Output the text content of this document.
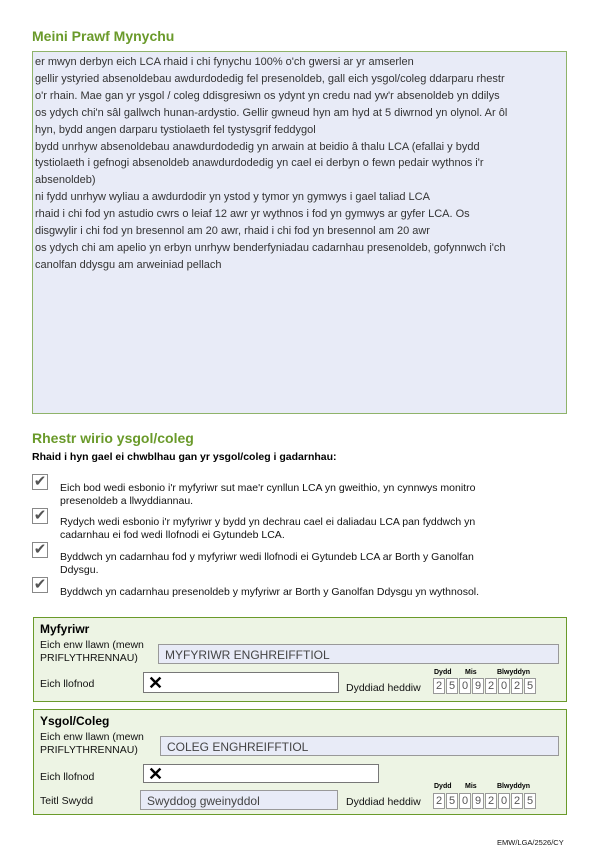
Meini Prawf Mynychu
er mwyn derbyn eich LCA rhaid i chi fynychu 100% o'ch gwersi ar yr amserlen
gellir ystyried absenoldebau awdurdodedig fel presenoldeb, gall eich ysgol/coleg ddarparu rhestr
o'r rhain. Mae gan yr ysgol / coleg ddisgresiwn os ydynt yn credu nad yw'r absenoldeb yn ddilys
os ydych chi'n sâl gallwch hunan-ardystio. Gellir gwneud hyn am hyd at 5 diwrnod yn olynol. Ar ôl
hyn, bydd angen darparu tystiolaeth fel tystysgrif feddygol
bydd unrhyw absenoldebau anawdurdodedig yn arwain at beidio â thalu LCA (efallai y bydd
tystiolaeth i gefnogi absenoldeb anawdurdodedig yn cael ei derbyn o fewn pedair wythnos i'r
absenoldeb)
ni fydd unrhyw wyliau a awdurdodir yn ystod y tymor yn gymwys i gael taliad LCA
rhaid i chi fod yn astudio cwrs o leiaf 12 awr yr wythnos i fod yn gymwys ar gyfer LCA. Os
disgwylir i chi fod yn bresennol am 20 awr, rhaid i chi fod yn bresennol am 20 awr
os ydych chi am apelio yn erbyn unrhyw benderfyniadau cadarnhau presenoldeb, gofynnwch i'ch
canolfan ddysgu am arweiniad pellach
Rhestr wirio ysgol/coleg
Rhaid i hyn gael ei chwblhau gan yr ysgol/coleg i gadarnhau:
✔ Eich bod wedi esbonio i'r myfyriwr sut mae'r cynllun LCA yn gweithio, yn cynnwys monitro
presenoldeb a llwyddiannau.
✔ Rydych wedi esbonio i'r myfyriwr y bydd yn dechrau cael ei daliadau LCA pan fyddwch yn
cadarnhau ei fod wedi llofnodi ei Gytundeb LCA.
✔ Byddwch yn cadarnhau fod y myfyriwr wedi llofnodi ei Gytundeb LCA ar Borth y Ganolfan
Ddysgu.
✔ Byddwch yn cadarnhau presenoldeb y myfyriwr ar Borth y Ganolfan Ddysgu yn wythnosol.
Myfyriwr
Eich enw llawn (mewn
PRIFLYTHRENNAU)	MYFYRIWR ENGHREIFFTIOL
Eich llofnod	✕	Dyddiad heddiw
Dydd Mis	Blwyddyn
2 5 0 9 2 0 2 5
Ysgol/Coleg
Eich enw llawn (mewn
PRIFLYTHRENNAU)	COLEG ENGHREIFFTIOL
Eich llofnod	✕
Teitl Swydd	Swyddog gweinyddol	Dyddiad heddiw
Dydd Mis	Blwyddyn
2 5 0 9 2 0 2 5
EMW/LGA/2526/CY
